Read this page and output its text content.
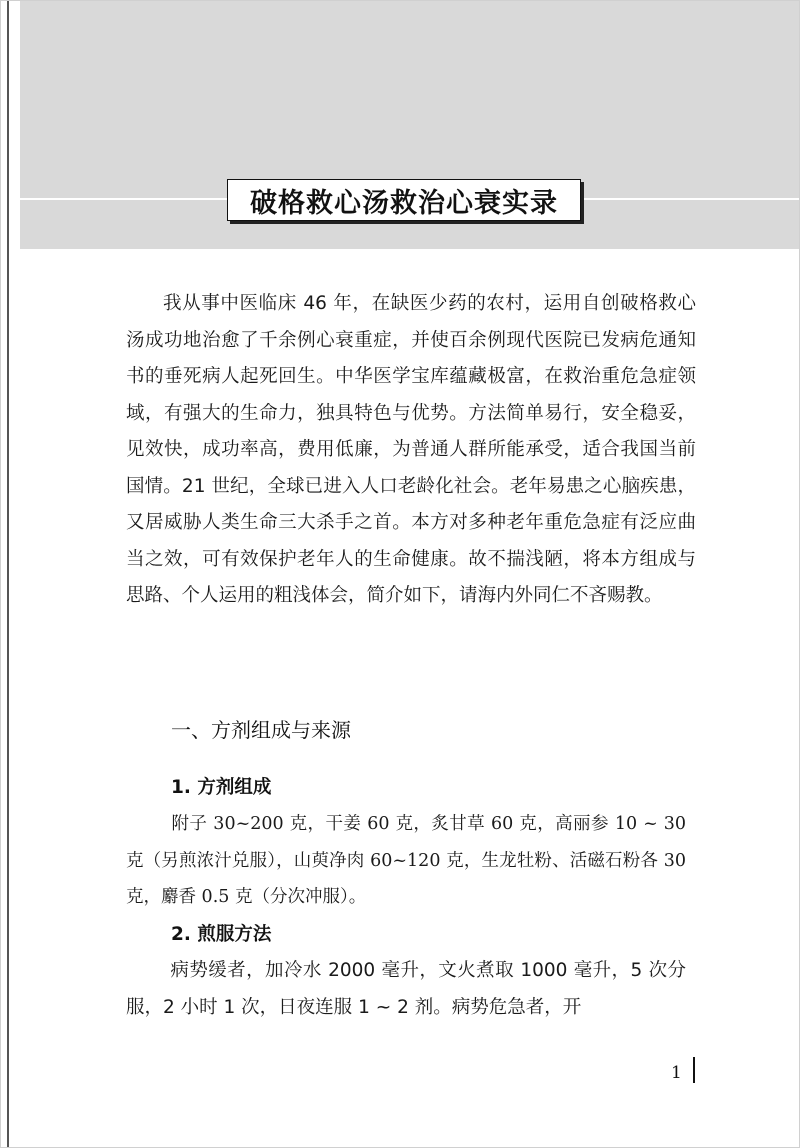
破格救心汤救治心衰实录

我从事中医临床 46 年，在缺医少药的农村，运用自创破格救心汤成功地治愈了千余例心衰重症，并使百余例现代医院已发病危通知书的垂死病人起死回生。中华医学宝库蕴藏极富，在救治重危急症领域，有强大的生命力，独具特色与优势。方法简单易行，安全稳妥，见效快，成功率高，费用低廉，为普通人群所能承受，适合我国当前国情。21 世纪，全球已进入人口老龄化社会。老年易患之心脑疾患，又居威胁人类生命三大杀手之首。本方对多种老年重危急症有泛应曲当之效，可有效保护老年人的生命健康。故不揣浅陋，将本方组成与思路、个人运用的粗浅体会，简介如下，请海内外同仁不吝赐教。

一、方剂组成与来源
1. 方剂组成

附子 30~200 克，干姜 60 克，炙甘草 60 克，高丽参 10 ~ 30 克（另煎浓汁兑服），山萸净肉 60~120 克，生龙牡粉、活磁石粉各 30 克，麝香 0.5 克（分次冲服）。

2. 煎服方法

病势缓者，加冷水 2000 毫升，文火煮取 1000 毫升，5 次分服，2 小时 1 次，日夜连服 1 ~ 2 剂。病势危急者，开

1
